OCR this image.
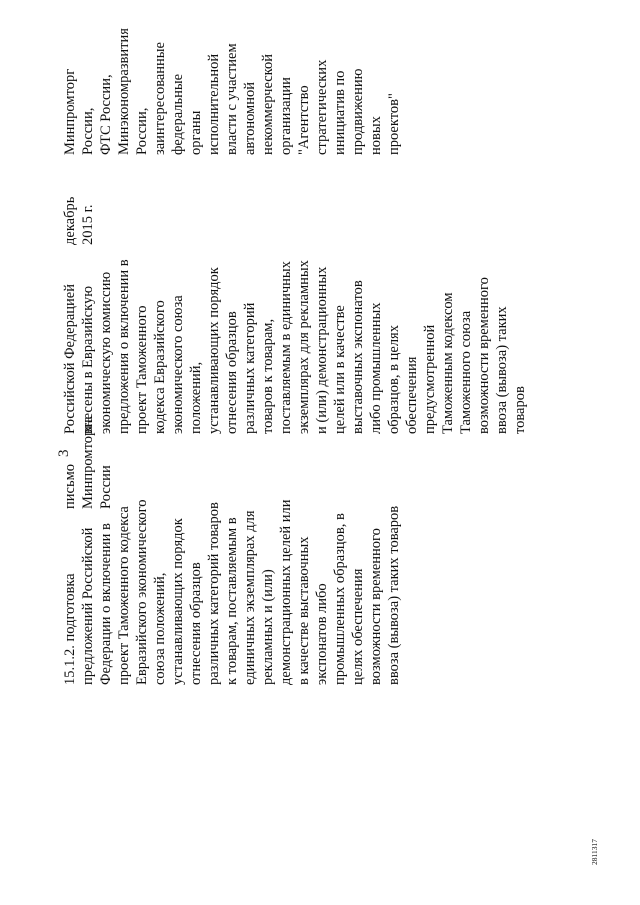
3
15.1.2. подготовка
предложений Российской
Федерации о включении в
проект Таможенного кодекса
Евразийского экономического
союза положений,
устанавливающих порядок
отнесения образцов
различных категорий товаров
к товарам, поставляемым в
единичных экземплярах для
рекламных и (или)
демонстрационных целей или
в качестве выставочных
экспонатов либо
промышленных образцов, в
целях обеспечения
возможности временного
ввоза (вывоза) таких товаров
письмо
Минпромторга
России
Российской Федерацией
внесены в Евразийскую
экономическую комиссию
предложения о включении в
проект Таможенного
кодекса Евразийского
экономического союза
положений,
устанавливающих порядок
отнесения образцов
различных категорий
товаров к товарам,
поставляемым в единичных
экземплярах для рекламных
и (или) демонстрационных
целей или в качестве
выставочных экспонатов
либо промышленных
образцов, в целях
обеспечения
предусмотренной
Таможенным кодексом
Таможенного союза
возможности временного
ввоза (вывоза) таких
товаров
декабрь
2015 г.
Минпромторг
России,
ФТС России,
Минэкономразвития
России,
заинтересованные
федеральные органы
исполнительной
власти с участием
автономной
некоммерческой
организации
"Агентство
стратегических
инициатив по
продвижению новых
проектов"
2811317
